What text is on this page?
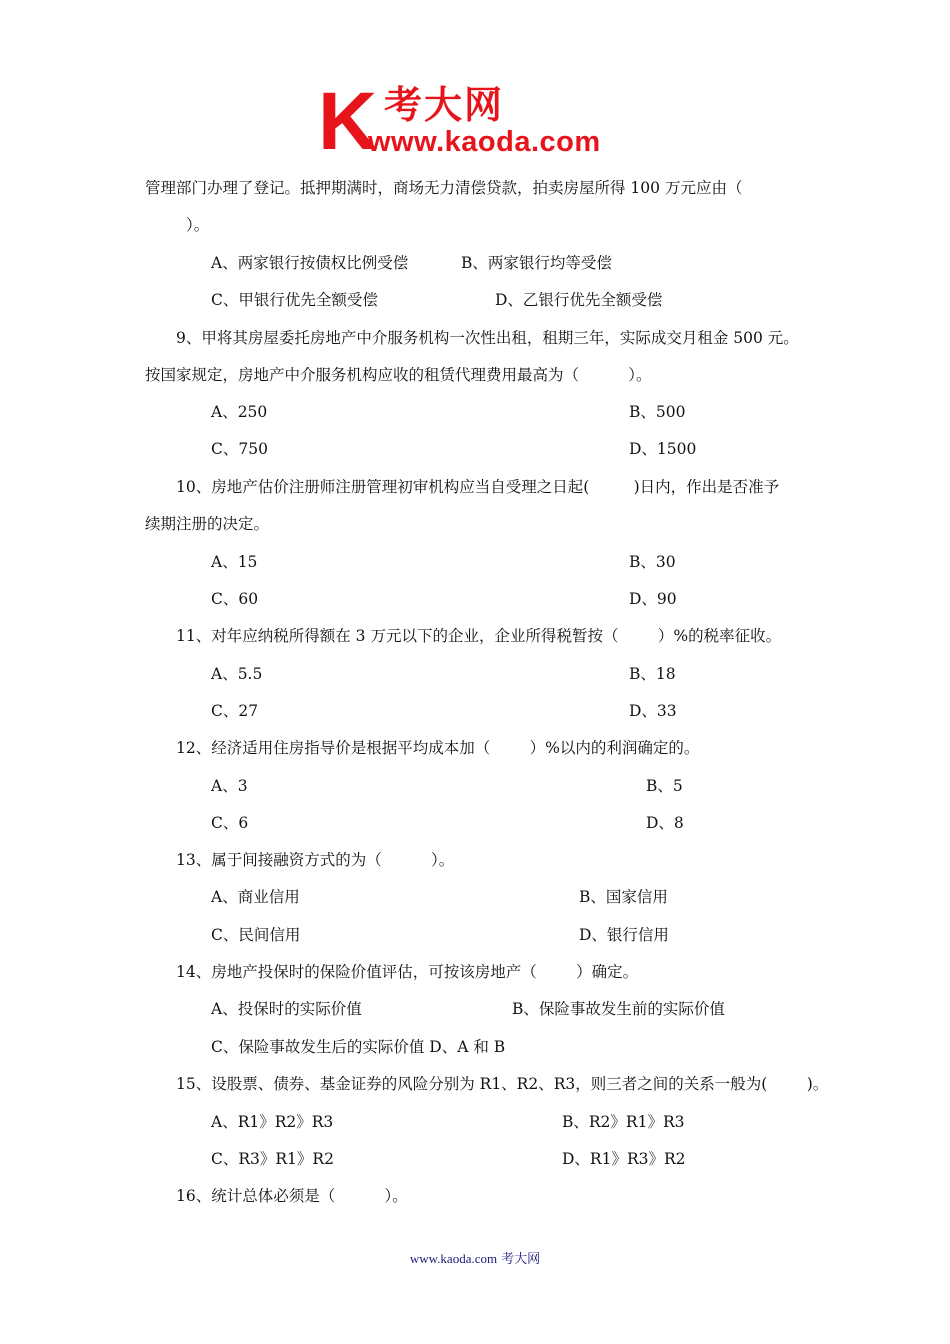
K 考大网
www.kaoda.com
管理部门办理了登记。抵押期满时，商场无力清偿贷款，拍卖房屋所得 100 万元应由（
）。
A、两家银行按债权比例受偿	B、两家银行均等受偿
C、甲银行优先全额受偿	D、乙银行优先全额受偿
9、甲将其房屋委托房地产中介服务机构一次性出租，租期三年，实际成交月租金 500 元。
按国家规定，房地产中介服务机构应收的租赁代理费用最高为（          ）。
A、250	B、500
C、750	D、1500
10、房地产估价注册师注册管理初审机构应当自受理之日起(         )日内，作出是否准予
续期注册的决定。
A、15	B、30
C、60	D、90
11、对年应纳税所得额在 3 万元以下的企业，企业所得税暂按（        ）%的税率征收。
A、5.5	B、18
C、27	D、33
12、经济适用住房指导价是根据平均成本加（        ）%以内的利润确定的。
A、3	B、5
C、6	D、8
13、属于间接融资方式的为（          ）。
A、商业信用	B、国家信用
C、民间信用	D、银行信用
14、房地产投保时的保险价值评估，可按该房地产（        ）确定。
A、投保时的实际价值	B、保险事故发生前的实际价值
C、保险事故发生后的实际价值 D、A 和 B
15、设股票、债券、基金证券的风险分别为 R1、R2、R3，则三者之间的关系一般为(        )。
A、R1》R2》R3	B、R2》R1》R3
C、R3》R1》R2	D、R1》R3》R2
16、统计总体必须是（          ）。
www.kaoda.com 考大网
